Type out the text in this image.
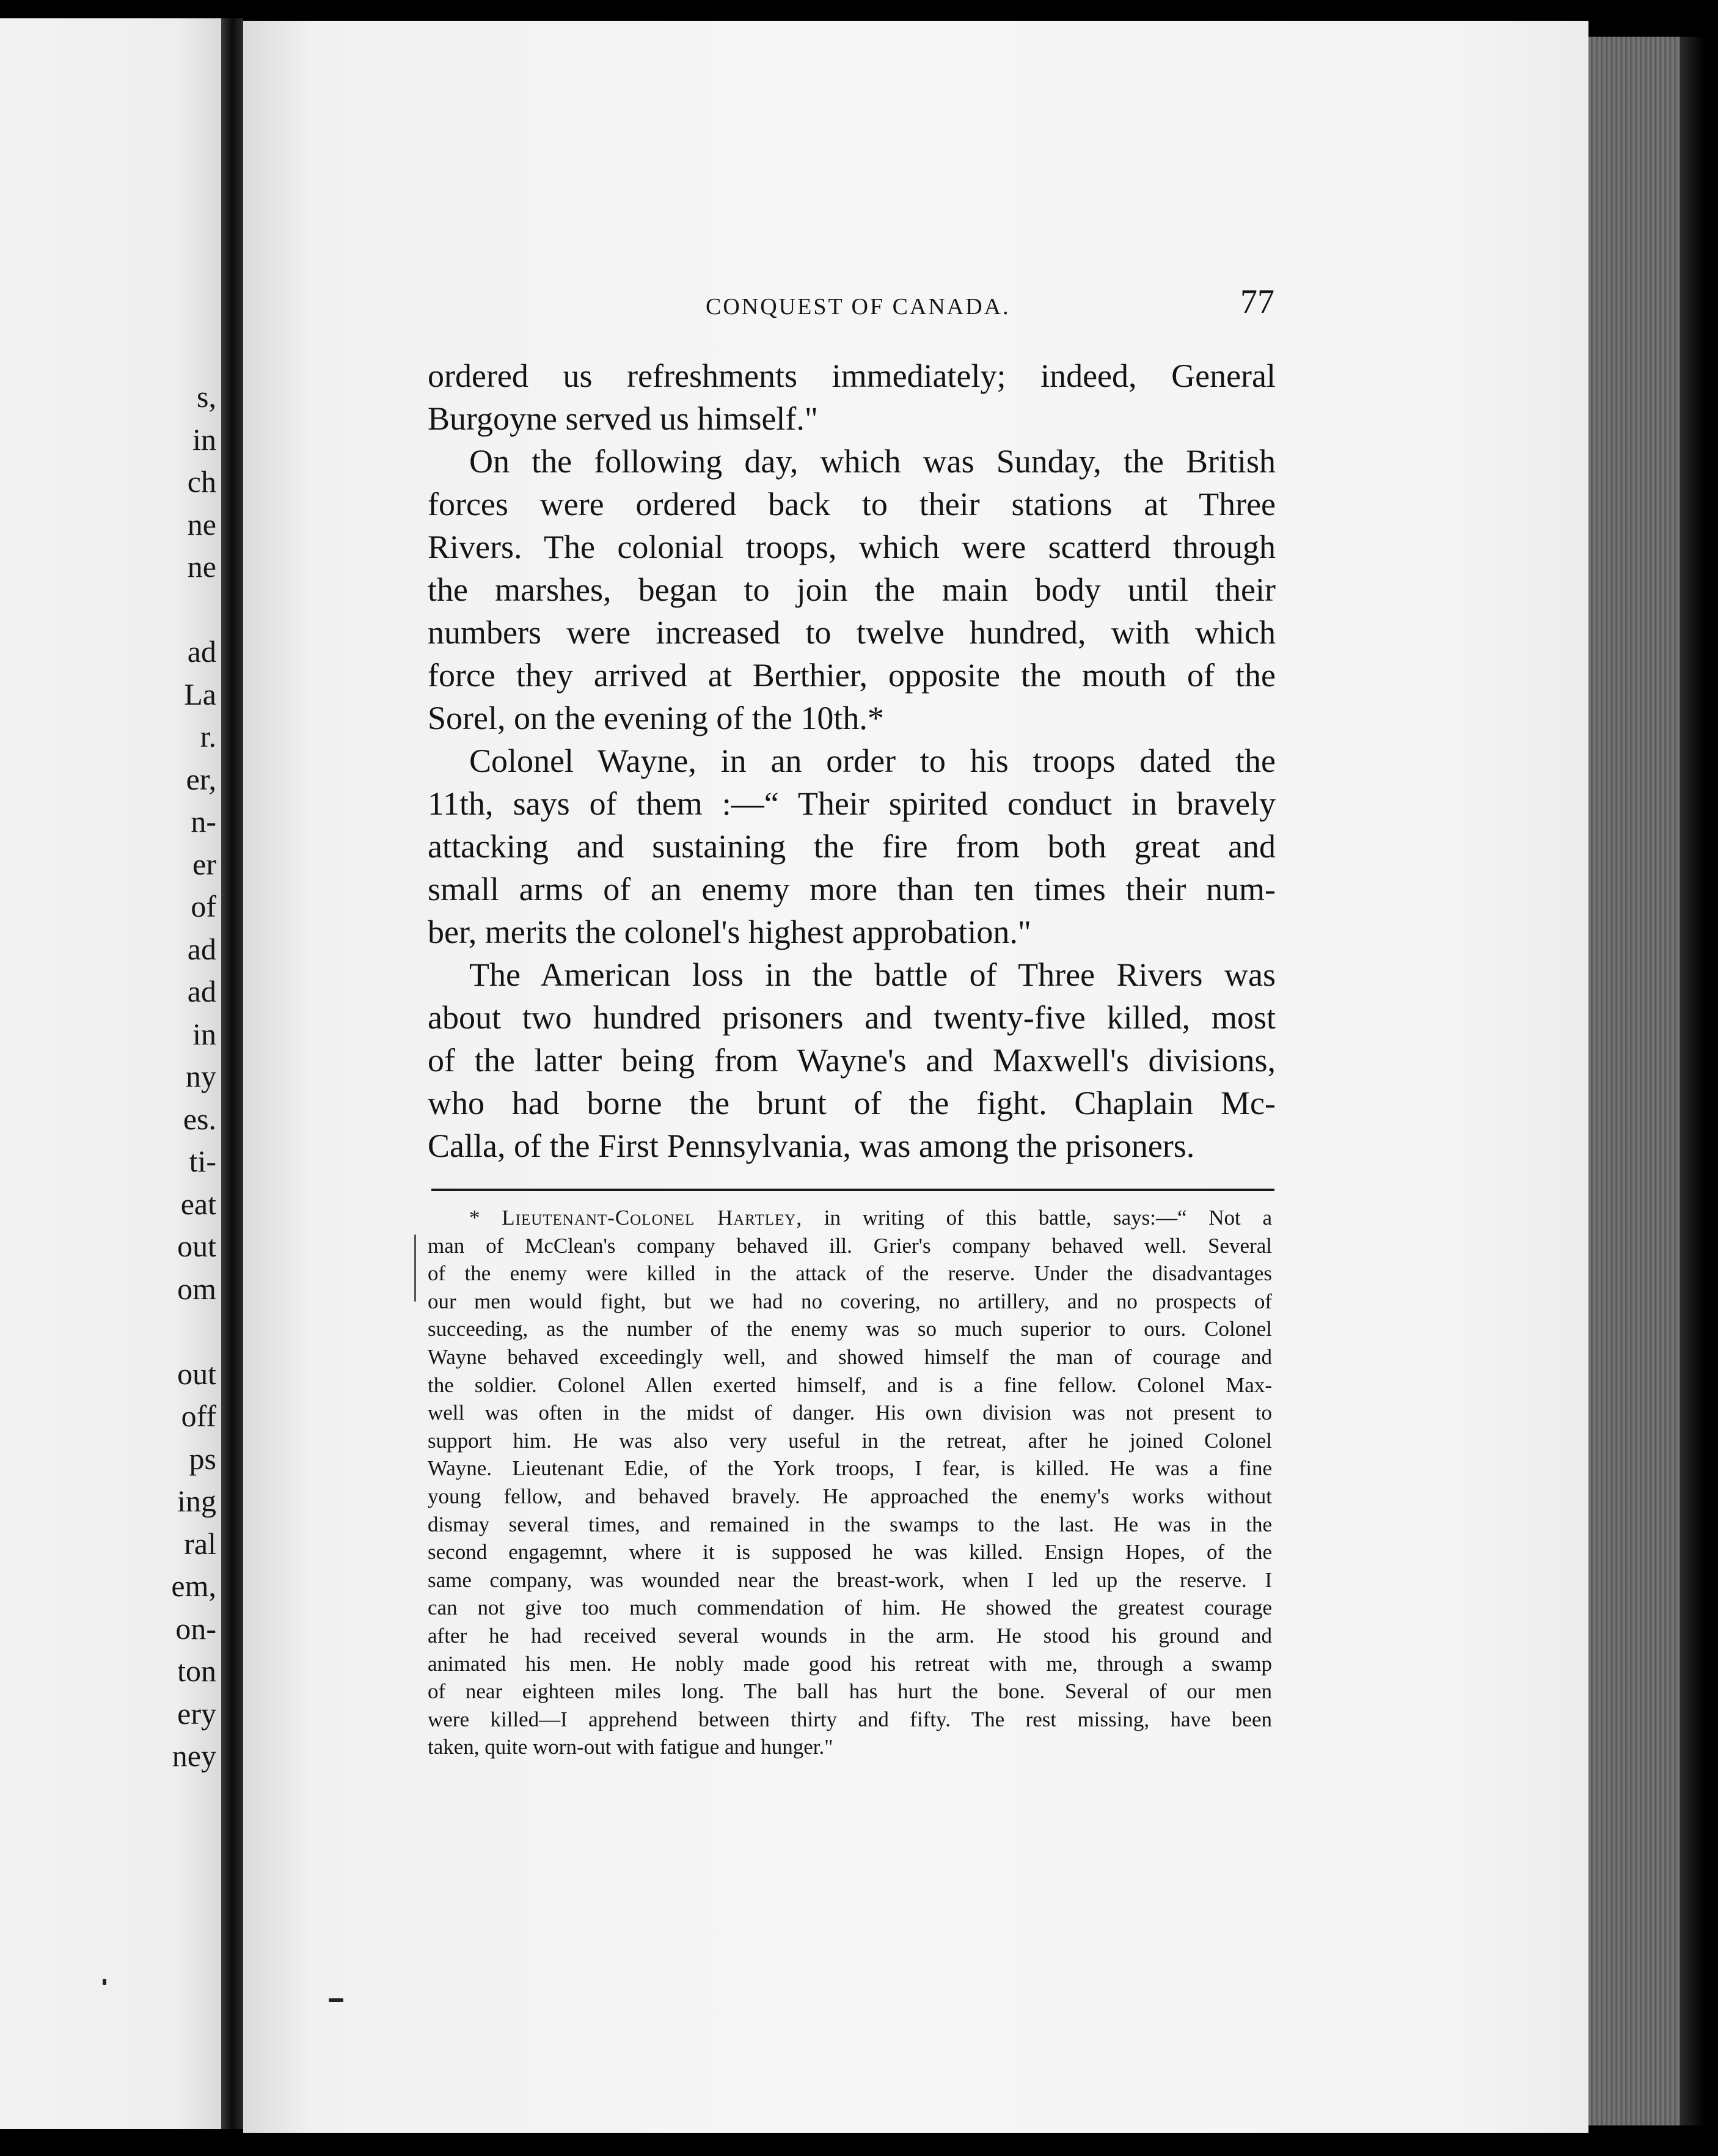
s,
in
ch
ne
ne
ad
La
r.
er,
n-
er
of
ad
ad
in
ny
es.
ti-
eat
out
om
out
off
ps
ing
ral
em,
on-
ton
ery
ney
CONQUEST OF CANADA.	77
ordered us refreshments immediately; indeed, General
Burgoyne served us himself."
On the following day, which was Sunday, the British
forces were ordered back to their stations at Three
Rivers. The colonial troops, which were scatterd through
the marshes, began to join the main body until their
numbers were increased to twelve hundred, with which
force they arrived at Berthier, opposite the mouth of the
Sorel, on the evening of the 10th.*
Colonel Wayne, in an order to his troops dated the
11th, says of them :—“ Their spirited conduct in bravely
attacking and sustaining the fire from both great and
small arms of an enemy more than ten times their num-
ber, merits the colonel's highest approbation."
The American loss in the battle of Three Rivers was
about two hundred prisoners and twenty-five killed, most
of the latter being from Wayne's and Maxwell's divisions,
who had borne the brunt of the fight. Chaplain Mc-
Calla, of the First Pennsylvania, was among the prisoners.
* Lieutenant-Colonel Hartley, in writing of this battle, says:—“ Not a
man of McClean's company behaved ill. Grier's company behaved well. Several
of the enemy were killed in the attack of the reserve. Under the disadvantages
our men would fight, but we had no covering, no artillery, and no prospects of
succeeding, as the number of the enemy was so much superior to ours. Colonel
Wayne behaved exceedingly well, and showed himself the man of courage and
the soldier. Colonel Allen exerted himself, and is a fine fellow. Colonel Max-
well was often in the midst of danger. His own division was not present to
support him. He was also very useful in the retreat, after he joined Colonel
Wayne. Lieutenant Edie, of the York troops, I fear, is killed. He was a fine
young fellow, and behaved bravely. He approached the enemy's works without
dismay several times, and remained in the swamps to the last. He was in the
second engagemnt, where it is supposed he was killed. Ensign Hopes, of the
same company, was wounded near the breast-work, when I led up the reserve. I
can not give too much commendation of him. He showed the greatest courage
after he had received several wounds in the arm. He stood his ground and
animated his men. He nobly made good his retreat with me, through a swamp
of near eighteen miles long. The ball has hurt the bone. Several of our men
were killed—I apprehend between thirty and fifty. The rest missing, have been
taken, quite worn-out with fatigue and hunger."
